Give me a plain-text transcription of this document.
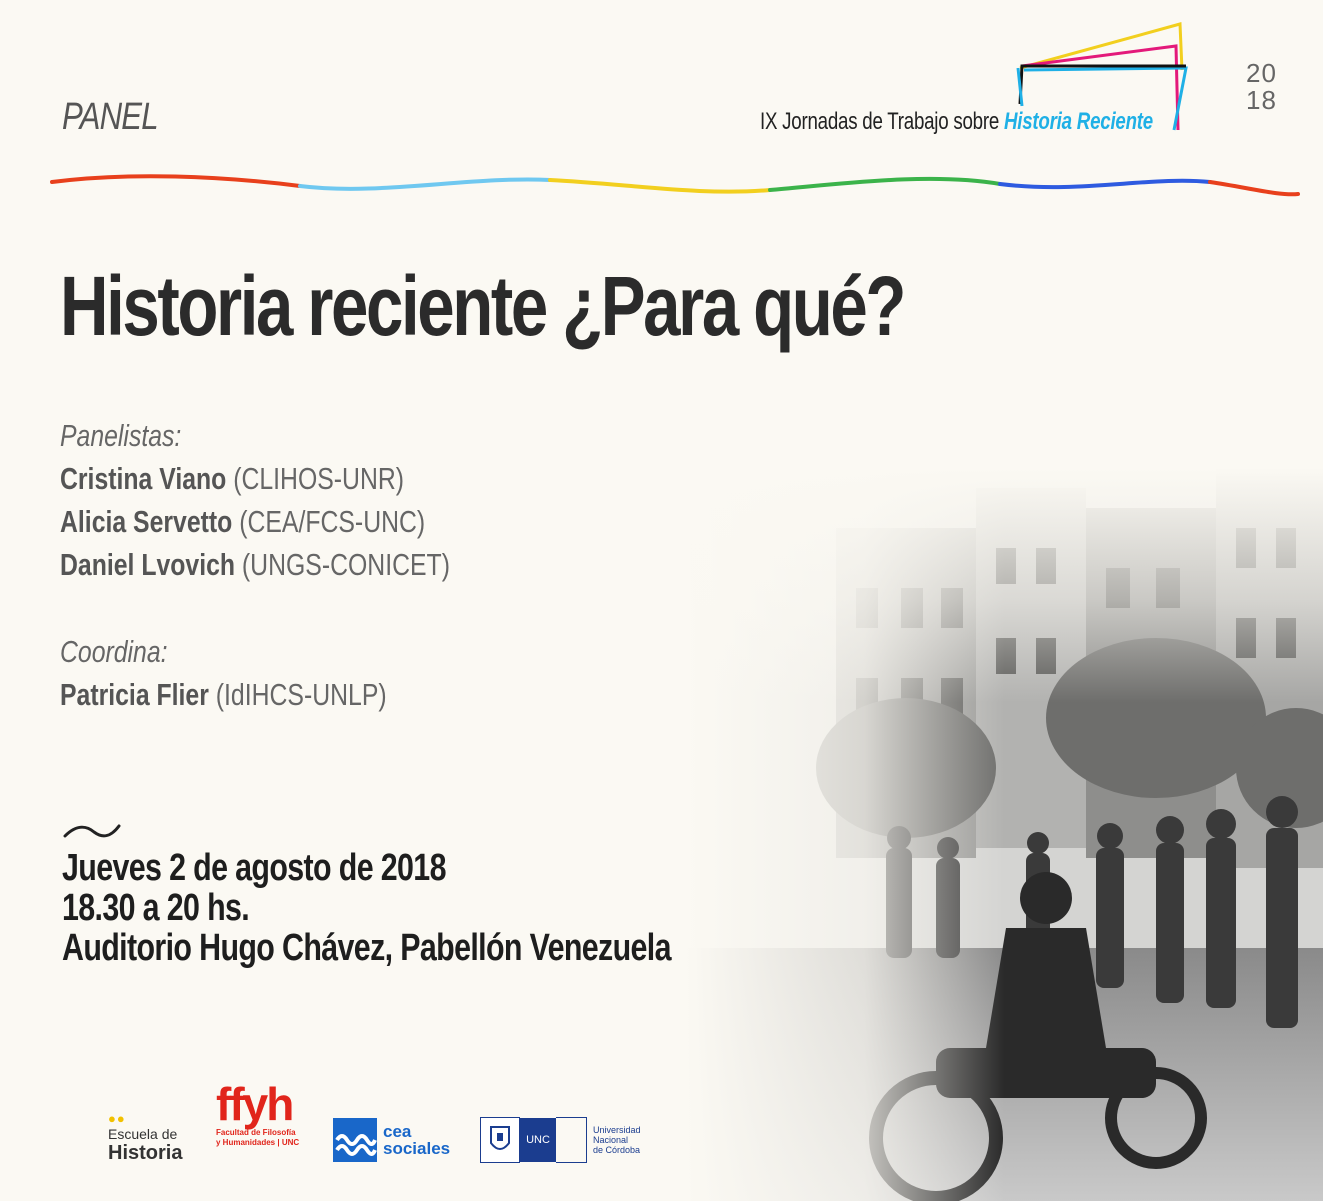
PANEL	IX Jornadas de Trabajo sobre Historia Reciente
20
18
Historia reciente ¿Para qué?
Panelistas:
Cristina Viano (CLIHOS-UNR)
Alicia Servetto (CEA/FCS-UNC)
Daniel Lvovich (UNGS-CONICET)
Coordina:
Patricia Flier (IdIHCS-UNLP)
Jueves 2 de agosto de 2018
18.30 a 20 hs.
Auditorio Hugo Chávez, Pabellón Venezuela
●●
Escuela de
Historia
ffyh
Facultad de Filosofía
y Humanidades | UNC
cea
sociales	UNC
Universidad
Nacional
de Córdoba
